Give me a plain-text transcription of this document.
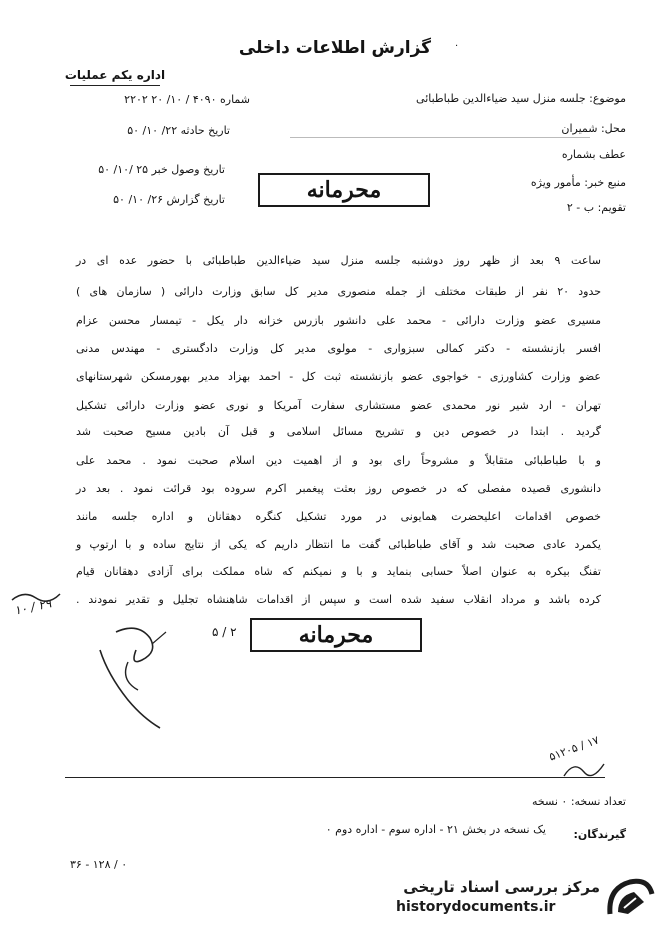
گزارش اطلاعات داخلی	.
اداره یکم عملیات
شماره ۴۰۹۰ / ۱۰/ ۲۰ ۲۲۰۲
تاریخ حادثه ۲۲/ ۱۰/ ۵۰
تاریخ وصول خبر ۲۵ /۱۰/ ۵۰
تاریخ گزارش ۲۶/ ۱۰/ ۵۰
موضوع: جلسه منزل سید ضیاءالدین طباطبائی
محل: شمیران
عطف بشماره
منبع خبر: مأمور ویژه
تقویم: ب - ۲
محرمانه
ساعت ۹ بعد از ظهر روز دوشنبه جلسه منزل سید ضیاءالدین طباطبائی با حضور عده ای در
حدود ۲۰ نفر از طبقات مختلف از جمله منصوری مدیر کل سابق وزارت دارائی ( سازمان های )
مسیری عضو وزارت دارائی - محمد علی دانشور بازرس خزانه دار یکل - تیمسار محسن عزام
افسر بازنشسته - دکتر کمالی سبزواری - مولوی مدیر کل وزارت دادگستری - مهندس مدنی
عضو وزارت کشاورزی - خواجوی عضو بازنشسته ثبت کل - احمد بهزاد مدیر بهورمسکن شهرستانهای
تهران - ارد شیر نور محمدی عضو مستشاری سفارت آمریکا و نوری عضو وزارت دارائی تشکیل
گردید . ابتدا در خصوص دین و تشریح مسائل اسلامی و قبل آن بادین مسیح صحبت شد
و با طباطبائی متقابلاً و مشروحاً رای بود و از اهمیت دین اسلام صحبت نمود . محمد علی
دانشوری قصیده مفصلی که در خصوص روز بعثت پیغمبر اکرم سروده بود قرائت نمود . بعد در
خصوص اقدامات اعلیحضرت همایونی در مورد تشکیل کنگره دهقانان و اداره جلسه مانند
یکمرد عادی صحبت شد و آقای طباطبائی گفت ما انتظار داریم که یکی از نتایج ساده و با ارتوپ و
تفنگ بیکره به عنوان اصلاً حسابی بنماید و با و نمیکنم که شاه مملکت برای آزادی دهقانان قیام
کرده باشد و مرداد انقلاب سفید شده است و سپس از اقدامات شاهنشاه تجلیل و تقدیر نمودند .
۱۰ / ۲۹
۵ / ۲	محرمانه
۵۱۲۰۵ / ۱۷
تعداد نسخه: ۰ نسخه
گیرندگان:
یک نسخه در بخش ۲۱ - اداره سوم - اداره دوم ۰
۳۶ - ۱۲۸ / ۰
مرکز بررسی اسناد تاریخی
historydocuments.ir
